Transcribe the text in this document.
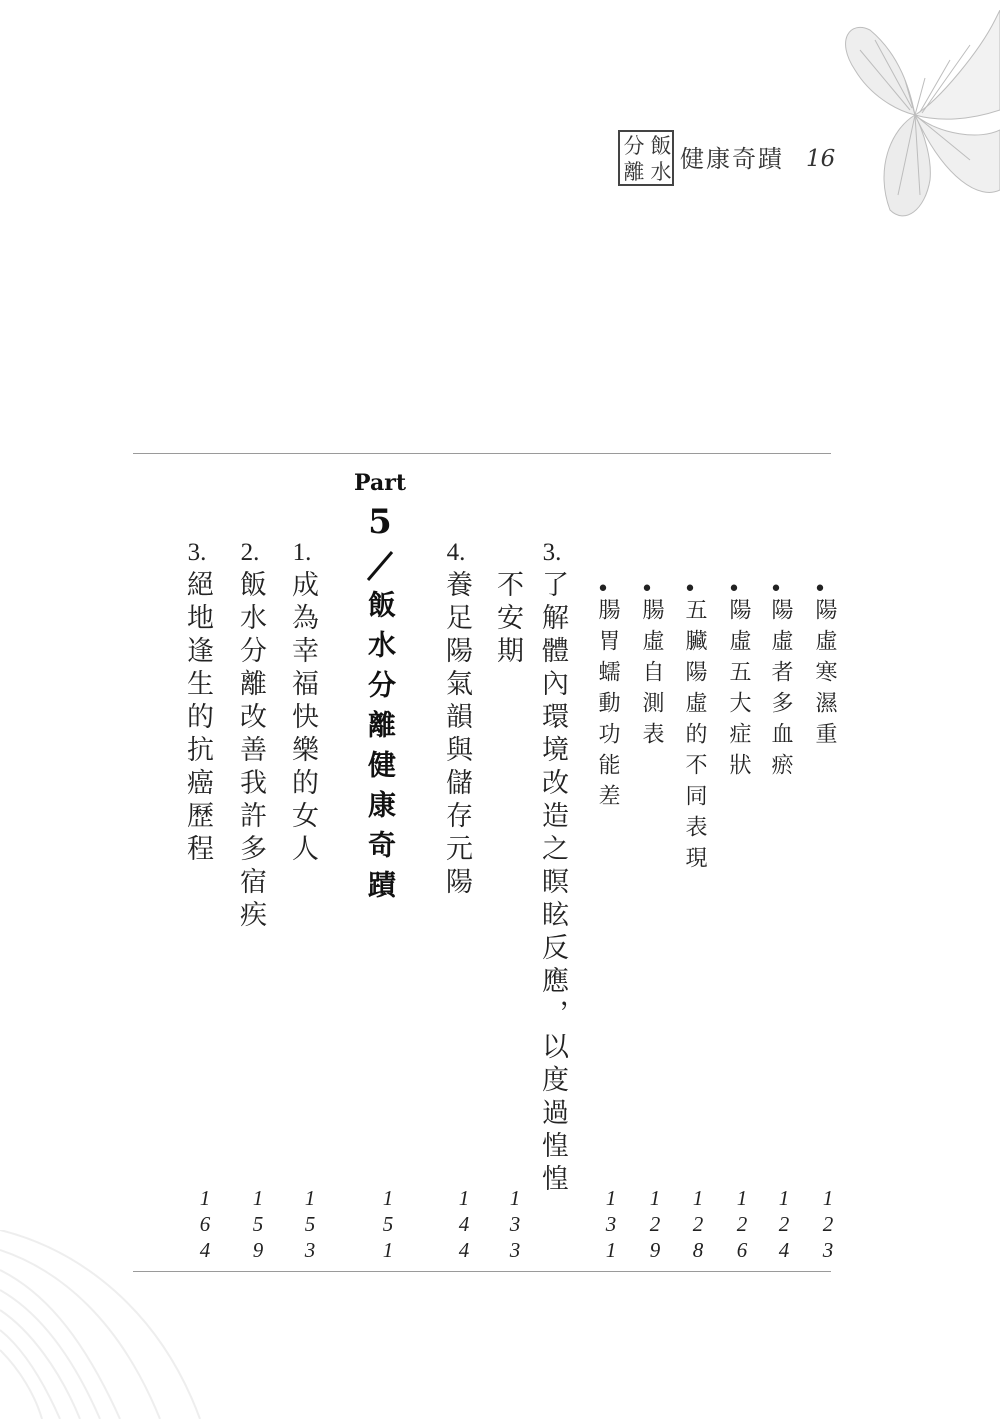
飯
水
分
離 健康奇蹟 16
•
陽虛寒濕重
123
•
陽虛者多血瘀
124
•
陽虛五大症狀
126
•
五臟陽虛的不同表現
128
•
腸虛自測表
129
•
腸胃蠕動功能差
131
3.
了解體內環境改造之瞑眩反應，以度過惶惶
不安期
133
4.
養足陽氣韻與儲存元陽
144
Part
5
飯水分離健康奇蹟
151
1.
成為幸福快樂的女人
153
2.
飯水分離改善我許多宿疾
159
3.
絕地逢生的抗癌歷程
164
